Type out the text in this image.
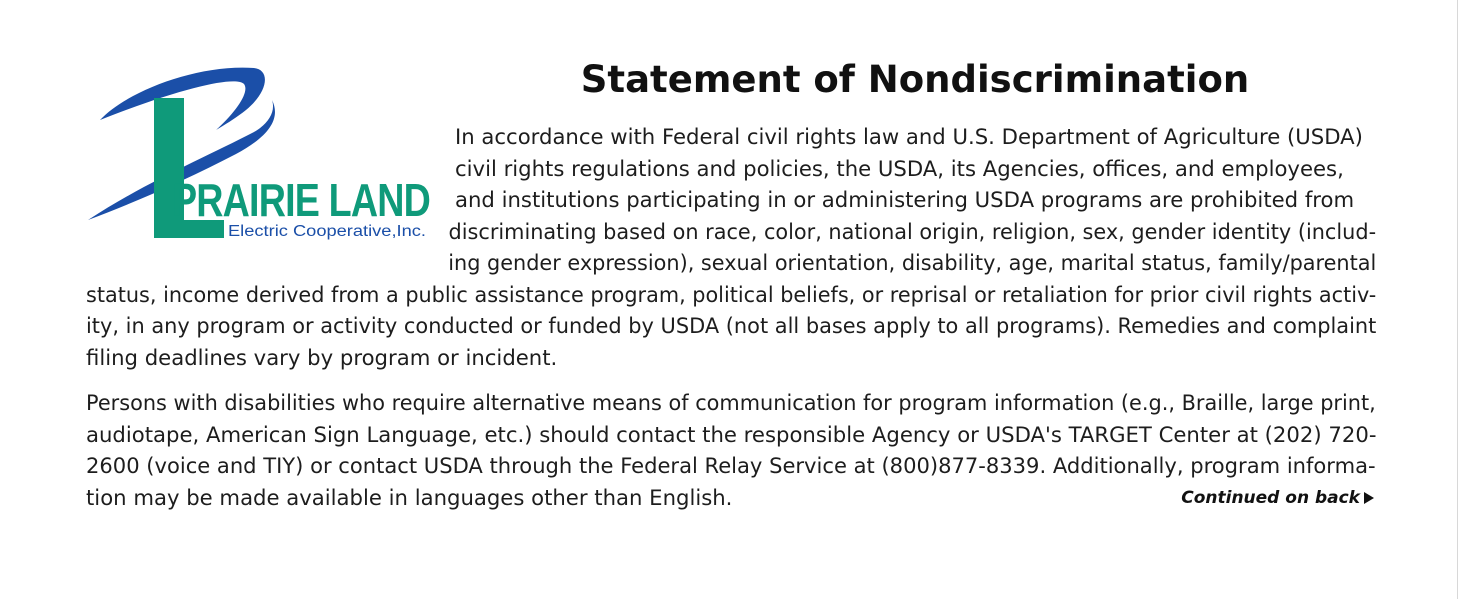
PRAIRIE LAND
Electric Cooperative,Inc.
Statement of Nondiscrimination

In accordance with Federal civil rights law and U.S. Department of Agriculture (USDA)
civil rights regulations and policies, the USDA, its Agencies, offices, and employees,
and institutions participating in or administering USDA programs are prohibited from
discriminating based on race, color, national origin, religion, sex, gender identity (includ-
ing gender expression), sexual orientation, disability, age, marital status, family/parental
status, income derived from a public assistance program, political beliefs, or reprisal or retaliation for prior civil rights activ-
ity, in any program or activity conducted or funded by USDA (not all bases apply to all programs). Remedies and complaint
filing deadlines vary by program or incident.

Persons with disabilities who require alternative means of communication for program information (e.g., Braille, large print,
audiotape, American Sign Language, etc.) should contact the responsible Agency or USDA's TARGET Center at (202) 720-
2600 (voice and TIY) or contact USDA through the Federal Relay Service at (800)877-8339. Additionally, program informa-
tion may be made available in languages other than English.	Continued on back
